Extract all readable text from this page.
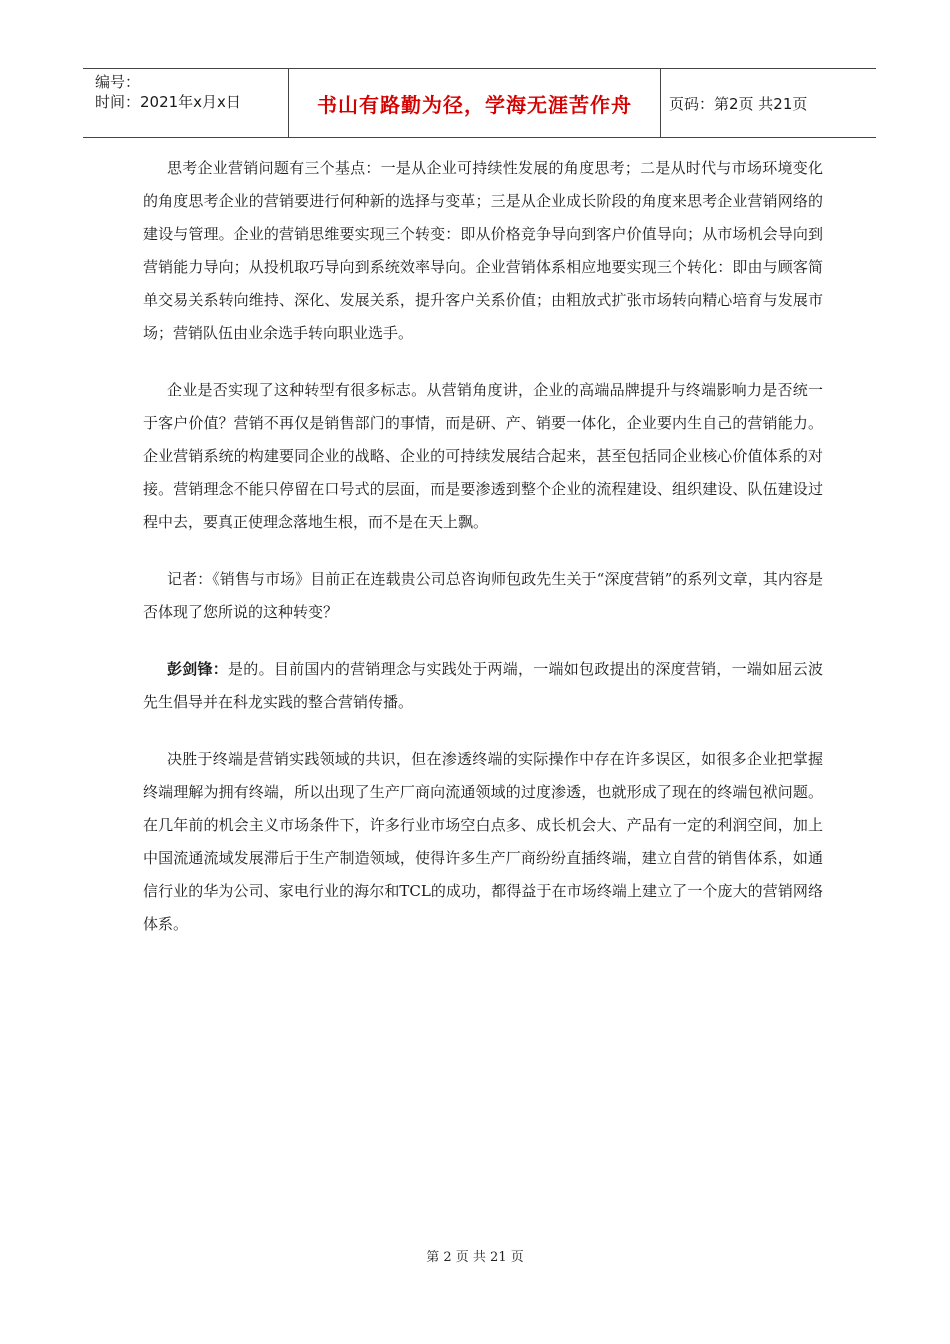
编号：
时间：2021年x月x日	书山有路勤为径，学海无涯苦作舟	页码：第2页 共21页

思考企业营销问题有三个基点：一是从企业可持续性发展的角度思考；二是从时代与市场环境变化的角度思考企业的营销要进行何种新的选择与变革；三是从企业成长阶段的角度来思考企业营销网络的建设与管理。企业的营销思维要实现三个转变：即从价格竞争导向到客户价值导向；从市场机会导向到营销能力导向；从投机取巧导向到系统效率导向。企业营销体系相应地要实现三个转化：即由与顾客简单交易关系转向维持、深化、发展关系，提升客户关系价值；由粗放式扩张市场转向精心培育与发展市场；营销队伍由业余选手转向职业选手。

企业是否实现了这种转型有很多标志。从营销角度讲，企业的高端品牌提升与终端影响力是否统一于客户价值？营销不再仅是销售部门的事情，而是研、产、销要一体化，企业要内生自己的营销能力。企业营销系统的构建要同企业的战略、企业的可持续发展结合起来，甚至包括同企业核心价值体系的对接。营销理念不能只停留在口号式的层面，而是要渗透到整个企业的流程建设、组织建设、队伍建设过程中去，要真正使理念落地生根，而不是在天上飘。

记者：《销售与市场》目前正在连载贵公司总咨询师包政先生关于“深度营销”的系列文章，其内容是否体现了您所说的这种转变？

彭剑锋：是的。目前国内的营销理念与实践处于两端，一端如包政提出的深度营销，一端如屈云波先生倡导并在科龙实践的整合营销传播。

决胜于终端是营销实践领域的共识，但在渗透终端的实际操作中存在许多误区，如很多企业把掌握终端理解为拥有终端，所以出现了生产厂商向流通领域的过度渗透，也就形成了现在的终端包袱问题。在几年前的机会主义市场条件下，许多行业市场空白点多、成长机会大、产品有一定的利润空间，加上中国流通流域发展滞后于生产制造领域，使得许多生产厂商纷纷直插终端，建立自营的销售体系，如通信行业的华为公司、家电行业的海尔和TCL的成功，都得益于在市场终端上建立了一个庞大的营销网络体系。

第 2 页 共 21 页
